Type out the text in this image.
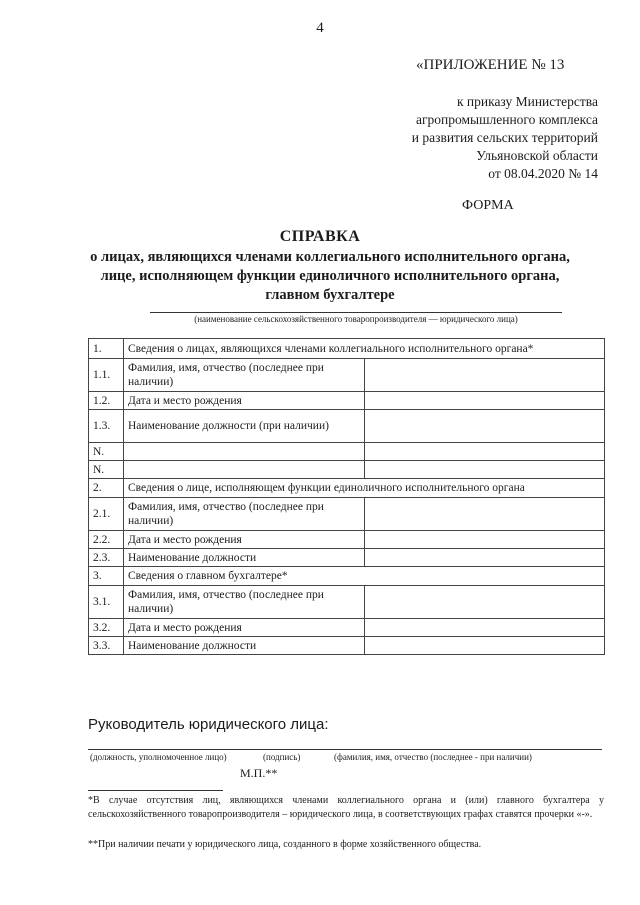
4
«ПРИЛОЖЕНИЕ № 13
к приказу Министерства
агропромышленного комплекса
и развития сельских территорий
Ульяновской области
от 08.04.2020 № 14
ФОРМА
СПРАВКА
о лицах, являющихся членами коллегиального исполнительного органа,
лице, исполняющем функции единоличного исполнительного органа,
главном бухгалтере
(наименование сельскохозяйственного товаропроизводителя — юридического лица)
1.	Сведения о лицах, являющихся членами коллегиального исполнительного органа*	
1.1.	Фамилия, имя, отчество (последнее при наличии)	
1.2.	Дата и место рождения	
1.3.	Наименование должности (при наличии)	
N.		
N.		
2.	Сведения о лице, исполняющем функции единоличного исполнительного органа	
2.1.	Фамилия, имя, отчество (последнее при наличии)	
2.2.	Дата и место рождения	
2.3.	Наименование должности	
3.	Сведения о главном бухгалтере*	
3.1.	Фамилия, имя, отчество (последнее при наличии)	
3.2.	Дата и место рождения	
3.3.	Наименование должности	
Руководитель юридического лица:
(должность, уполномоченное лицо)	(подпись)	(фамилия, имя, отчество (последнее - при наличии)
М.П.**
*В случае отсутствия лиц, являющихся членами коллегиального органа и (или) главного бухгалтера у сельскохозяйственного товаропроизводителя – юридического лица, в соответствующих графах ставятся прочерки «-».
**При наличии печати у юридического лица, созданного в форме хозяйственного общества.
